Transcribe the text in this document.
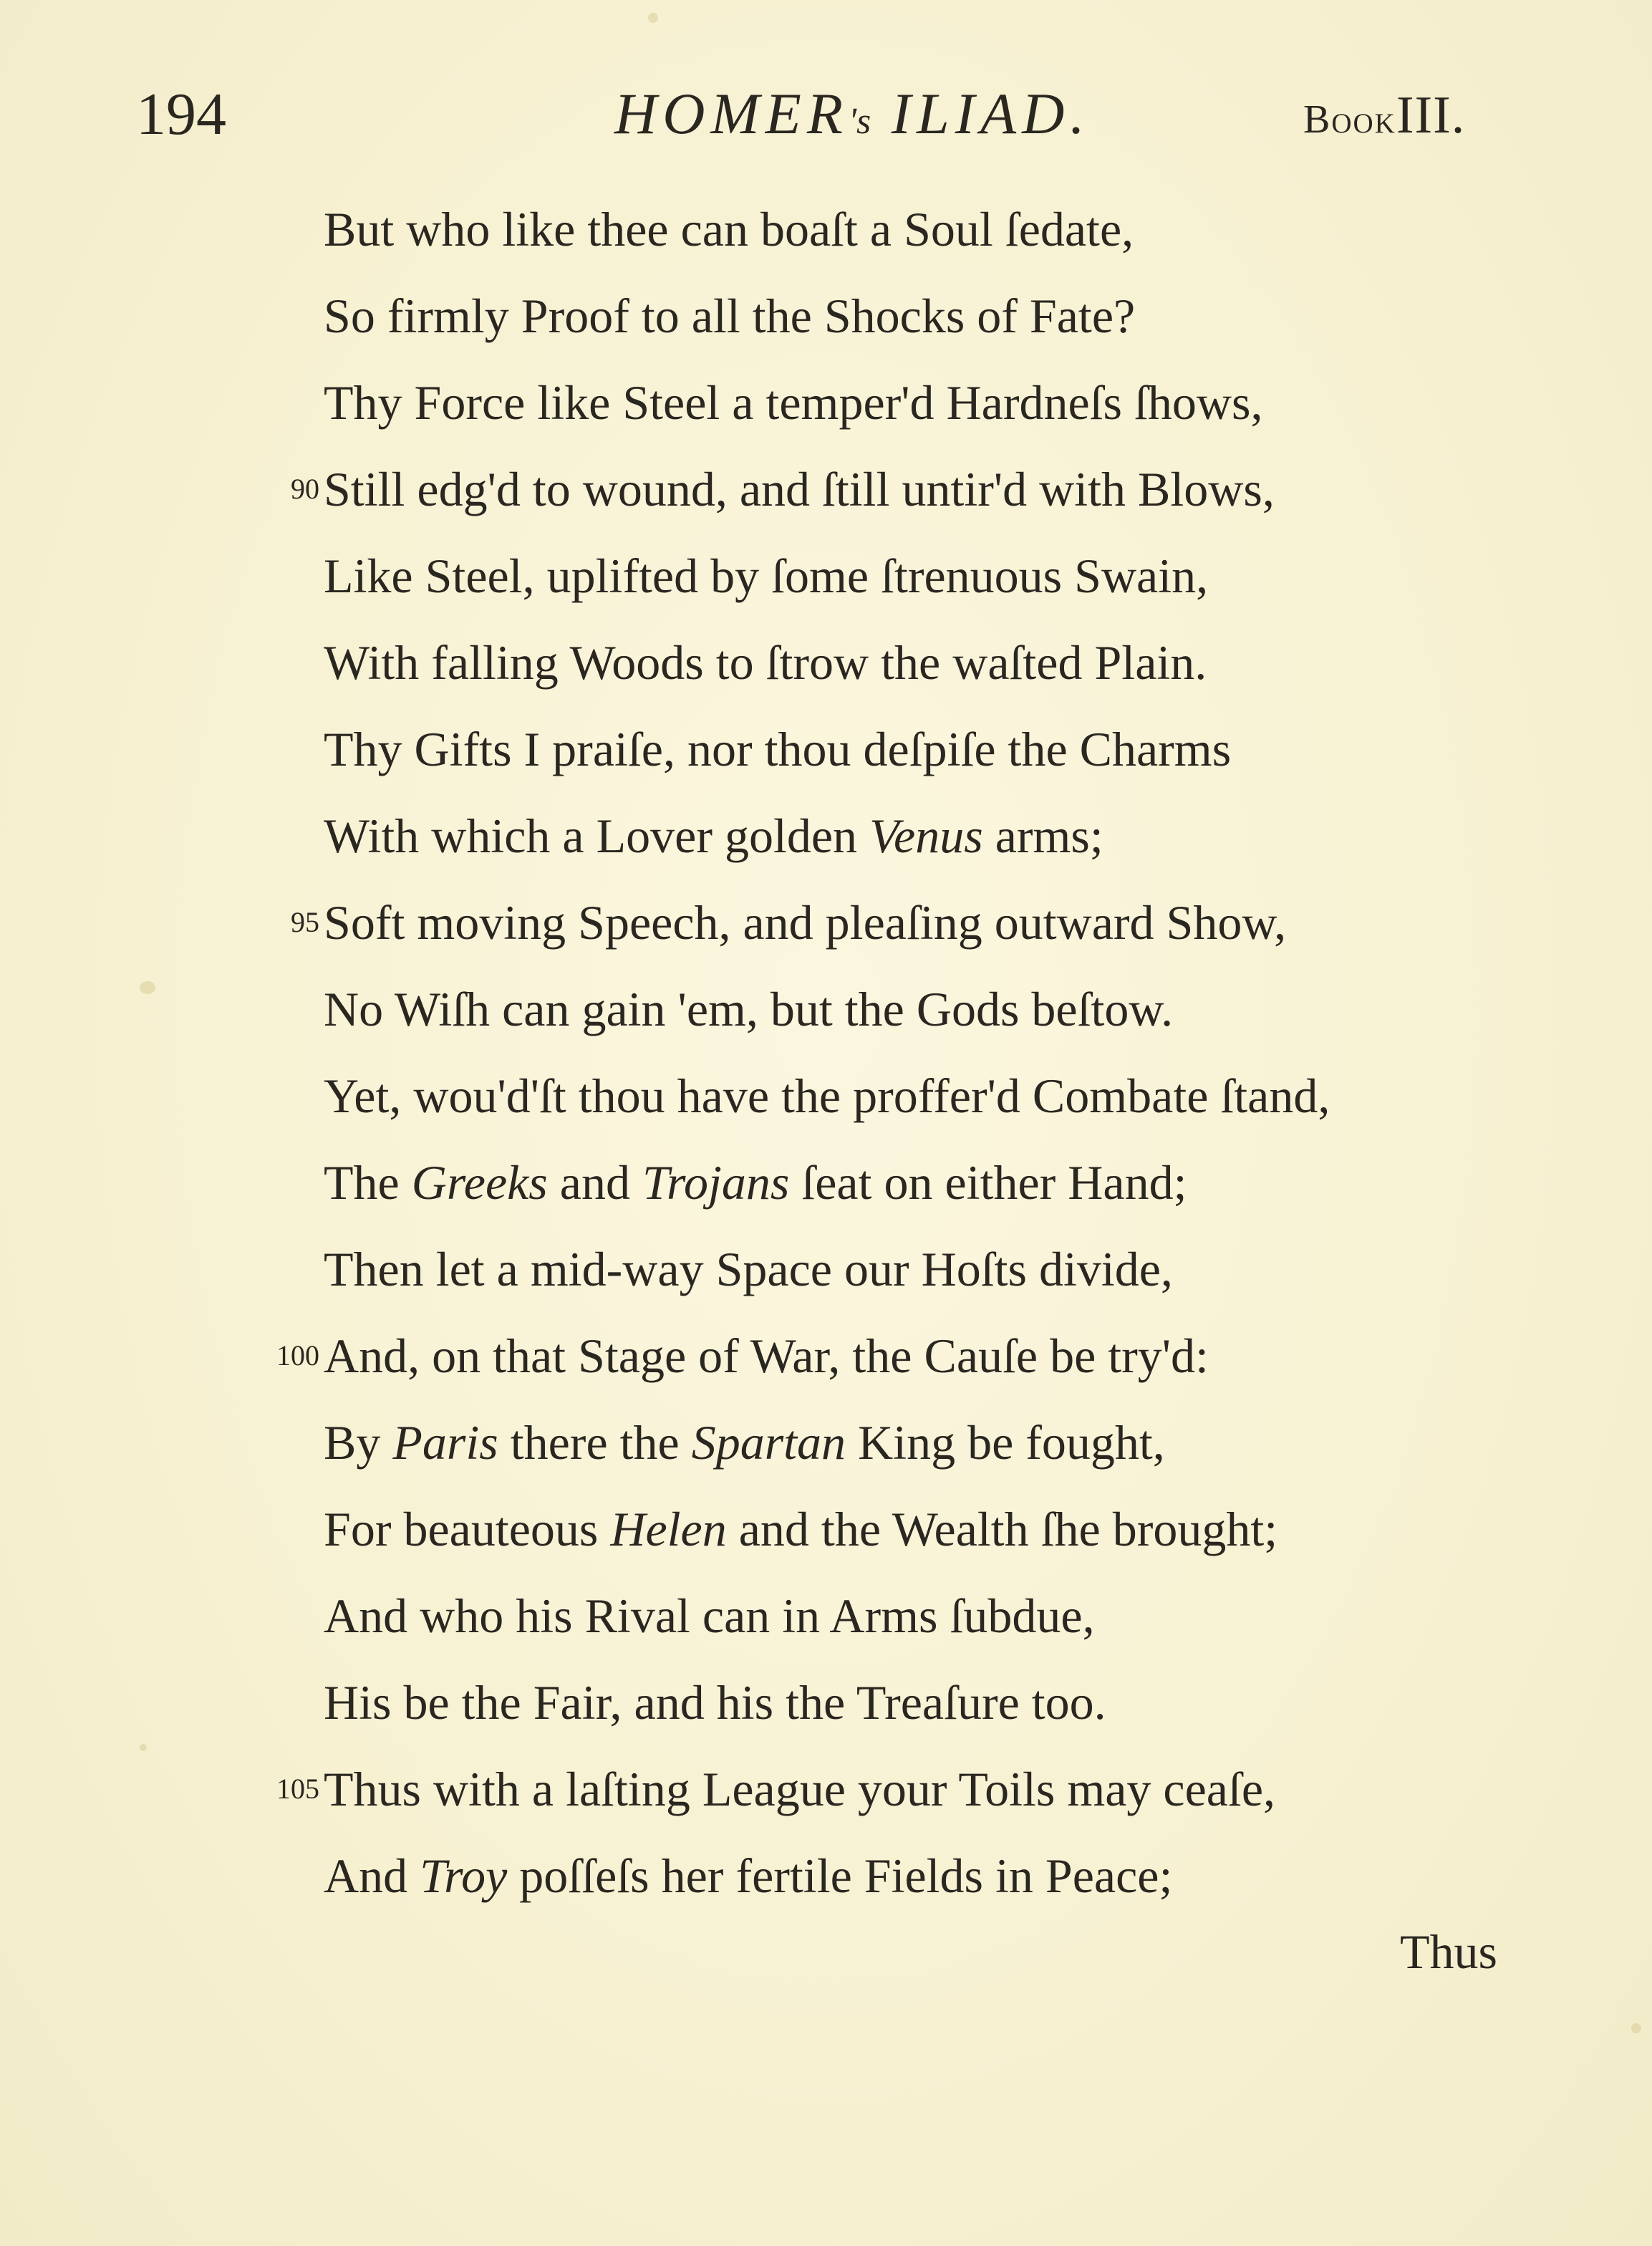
194	HOMER's ILIAD.	BookIII.
But who like thee can boaſt a Soul ſedate,
So firmly Proof to all the Shocks of Fate?
Thy Force like Steel a temper'd Hardneſs ſhows,
90 Still edg'd to wound, and ſtill untir'd with Blows,
Like Steel, uplifted by ſome ſtrenuous Swain,
With falling Woods to ſtrow the waſted Plain.
Thy Gifts I praiſe, nor thou deſpiſe the Charms
With which a Lover golden Venus arms;
95 Soft moving Speech, and pleaſing outward Show,
No Wiſh can gain 'em, but the Gods beſtow.
Yet, wou'd'ſt thou have the proffer'd Combate ſtand,
The Greeks and Trojans ſeat on either Hand;
Then let a mid-way Space our Hoſts divide,
100 And, on that Stage of War, the Cauſe be try'd:
By Paris there the Spartan King be fought,
For beauteous Helen and the Wealth ſhe brought;
And who his Rival can in Arms ſubdue,
His be the Fair, and his the Treaſure too.
105 Thus with a laſting League your Toils may ceaſe,
And Troy poſſeſs her fertile Fields in Peace;
Thus
